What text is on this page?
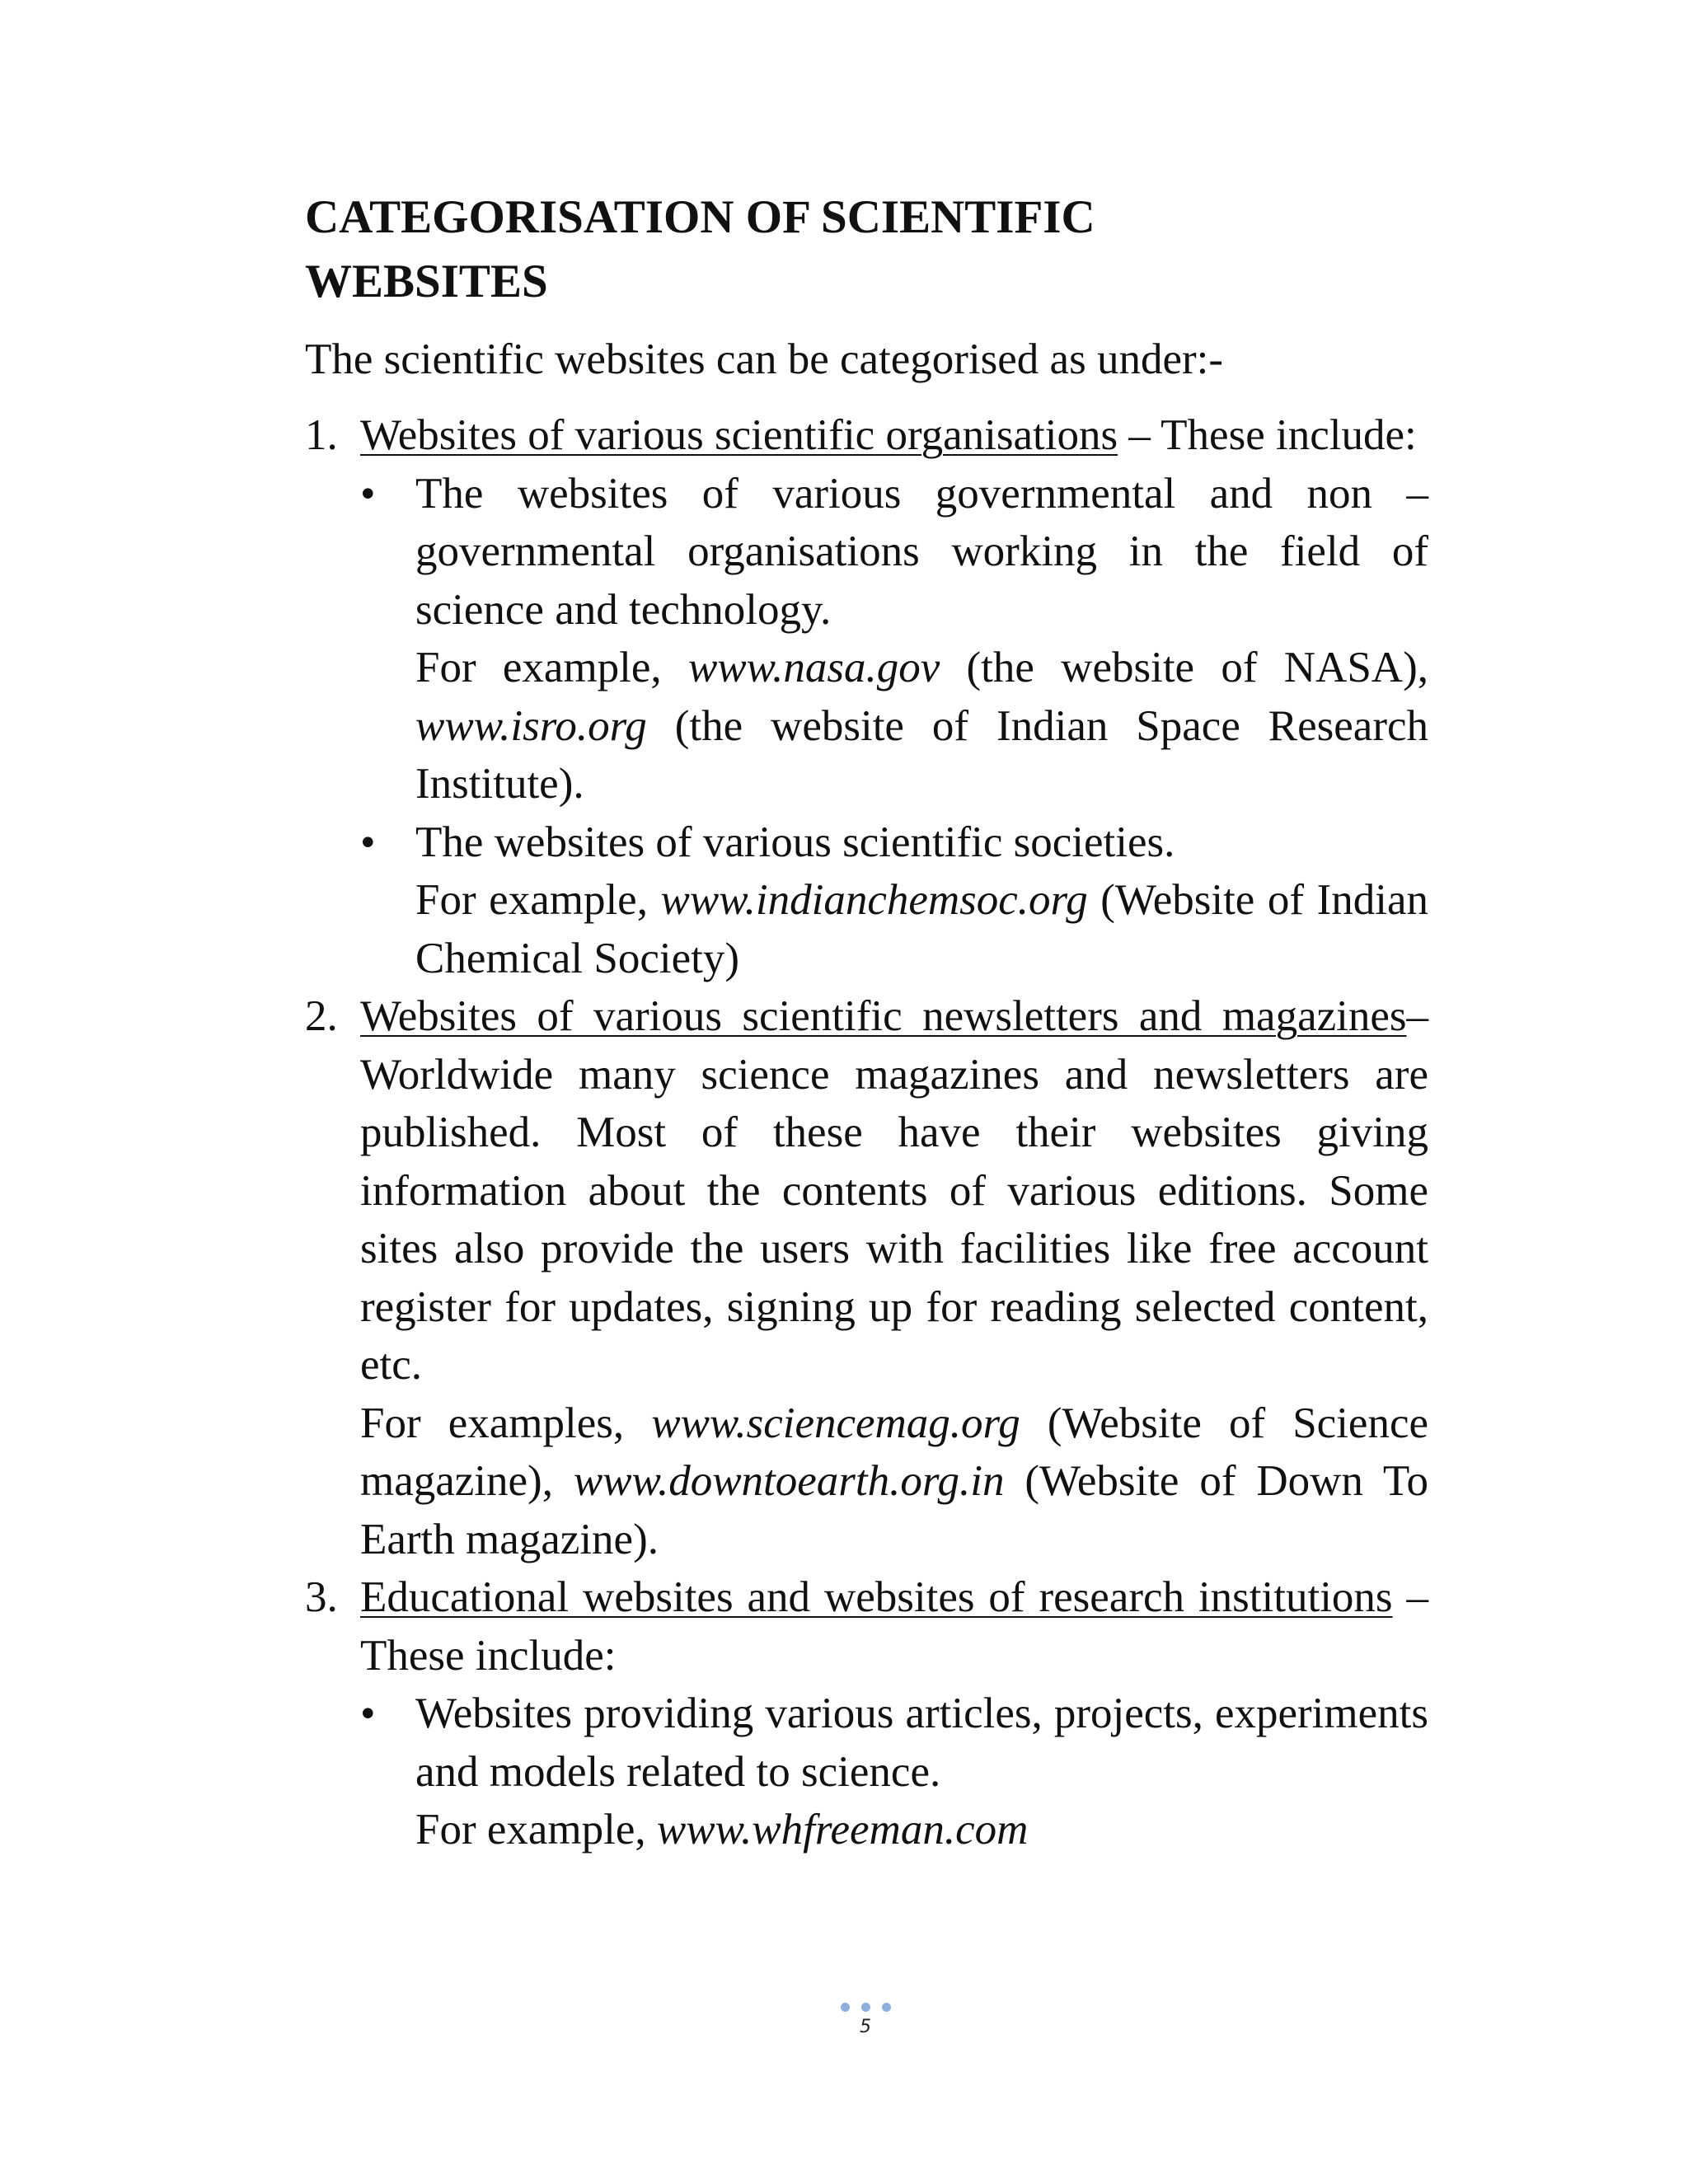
CATEGORISATION OF SCIENTIFIC
WEBSITES

The scientific websites can be categorised as under:-

1. Websites of various scientific organisations – These include:

• The websites of various governmental and non – governmental organisations working in the field of science and technology.

For example, www.nasa.gov (the website of NASA), www.isro.org (the website of Indian Space Research Institute).

• The websites of various scientific societies.

For example, www.indianchemsoc.org (Website of Indian Chemical Society)

2. Websites of various scientific newsletters and magazines– Worldwide many science magazines and newsletters are published. Most of these have their websites giving information about the contents of various editions. Some sites also provide the users with facilities like free account register for updates, signing up for reading selected content, etc.

For examples, www.sciencemag.org (Website of Science magazine), www.downtoearth.org.in (Website of Down To Earth magazine).

3. Educational websites and websites of research institutions – These include:

• Websites providing various articles, projects, experiments and models related to science.

For example, www.whfreeman.com

5
